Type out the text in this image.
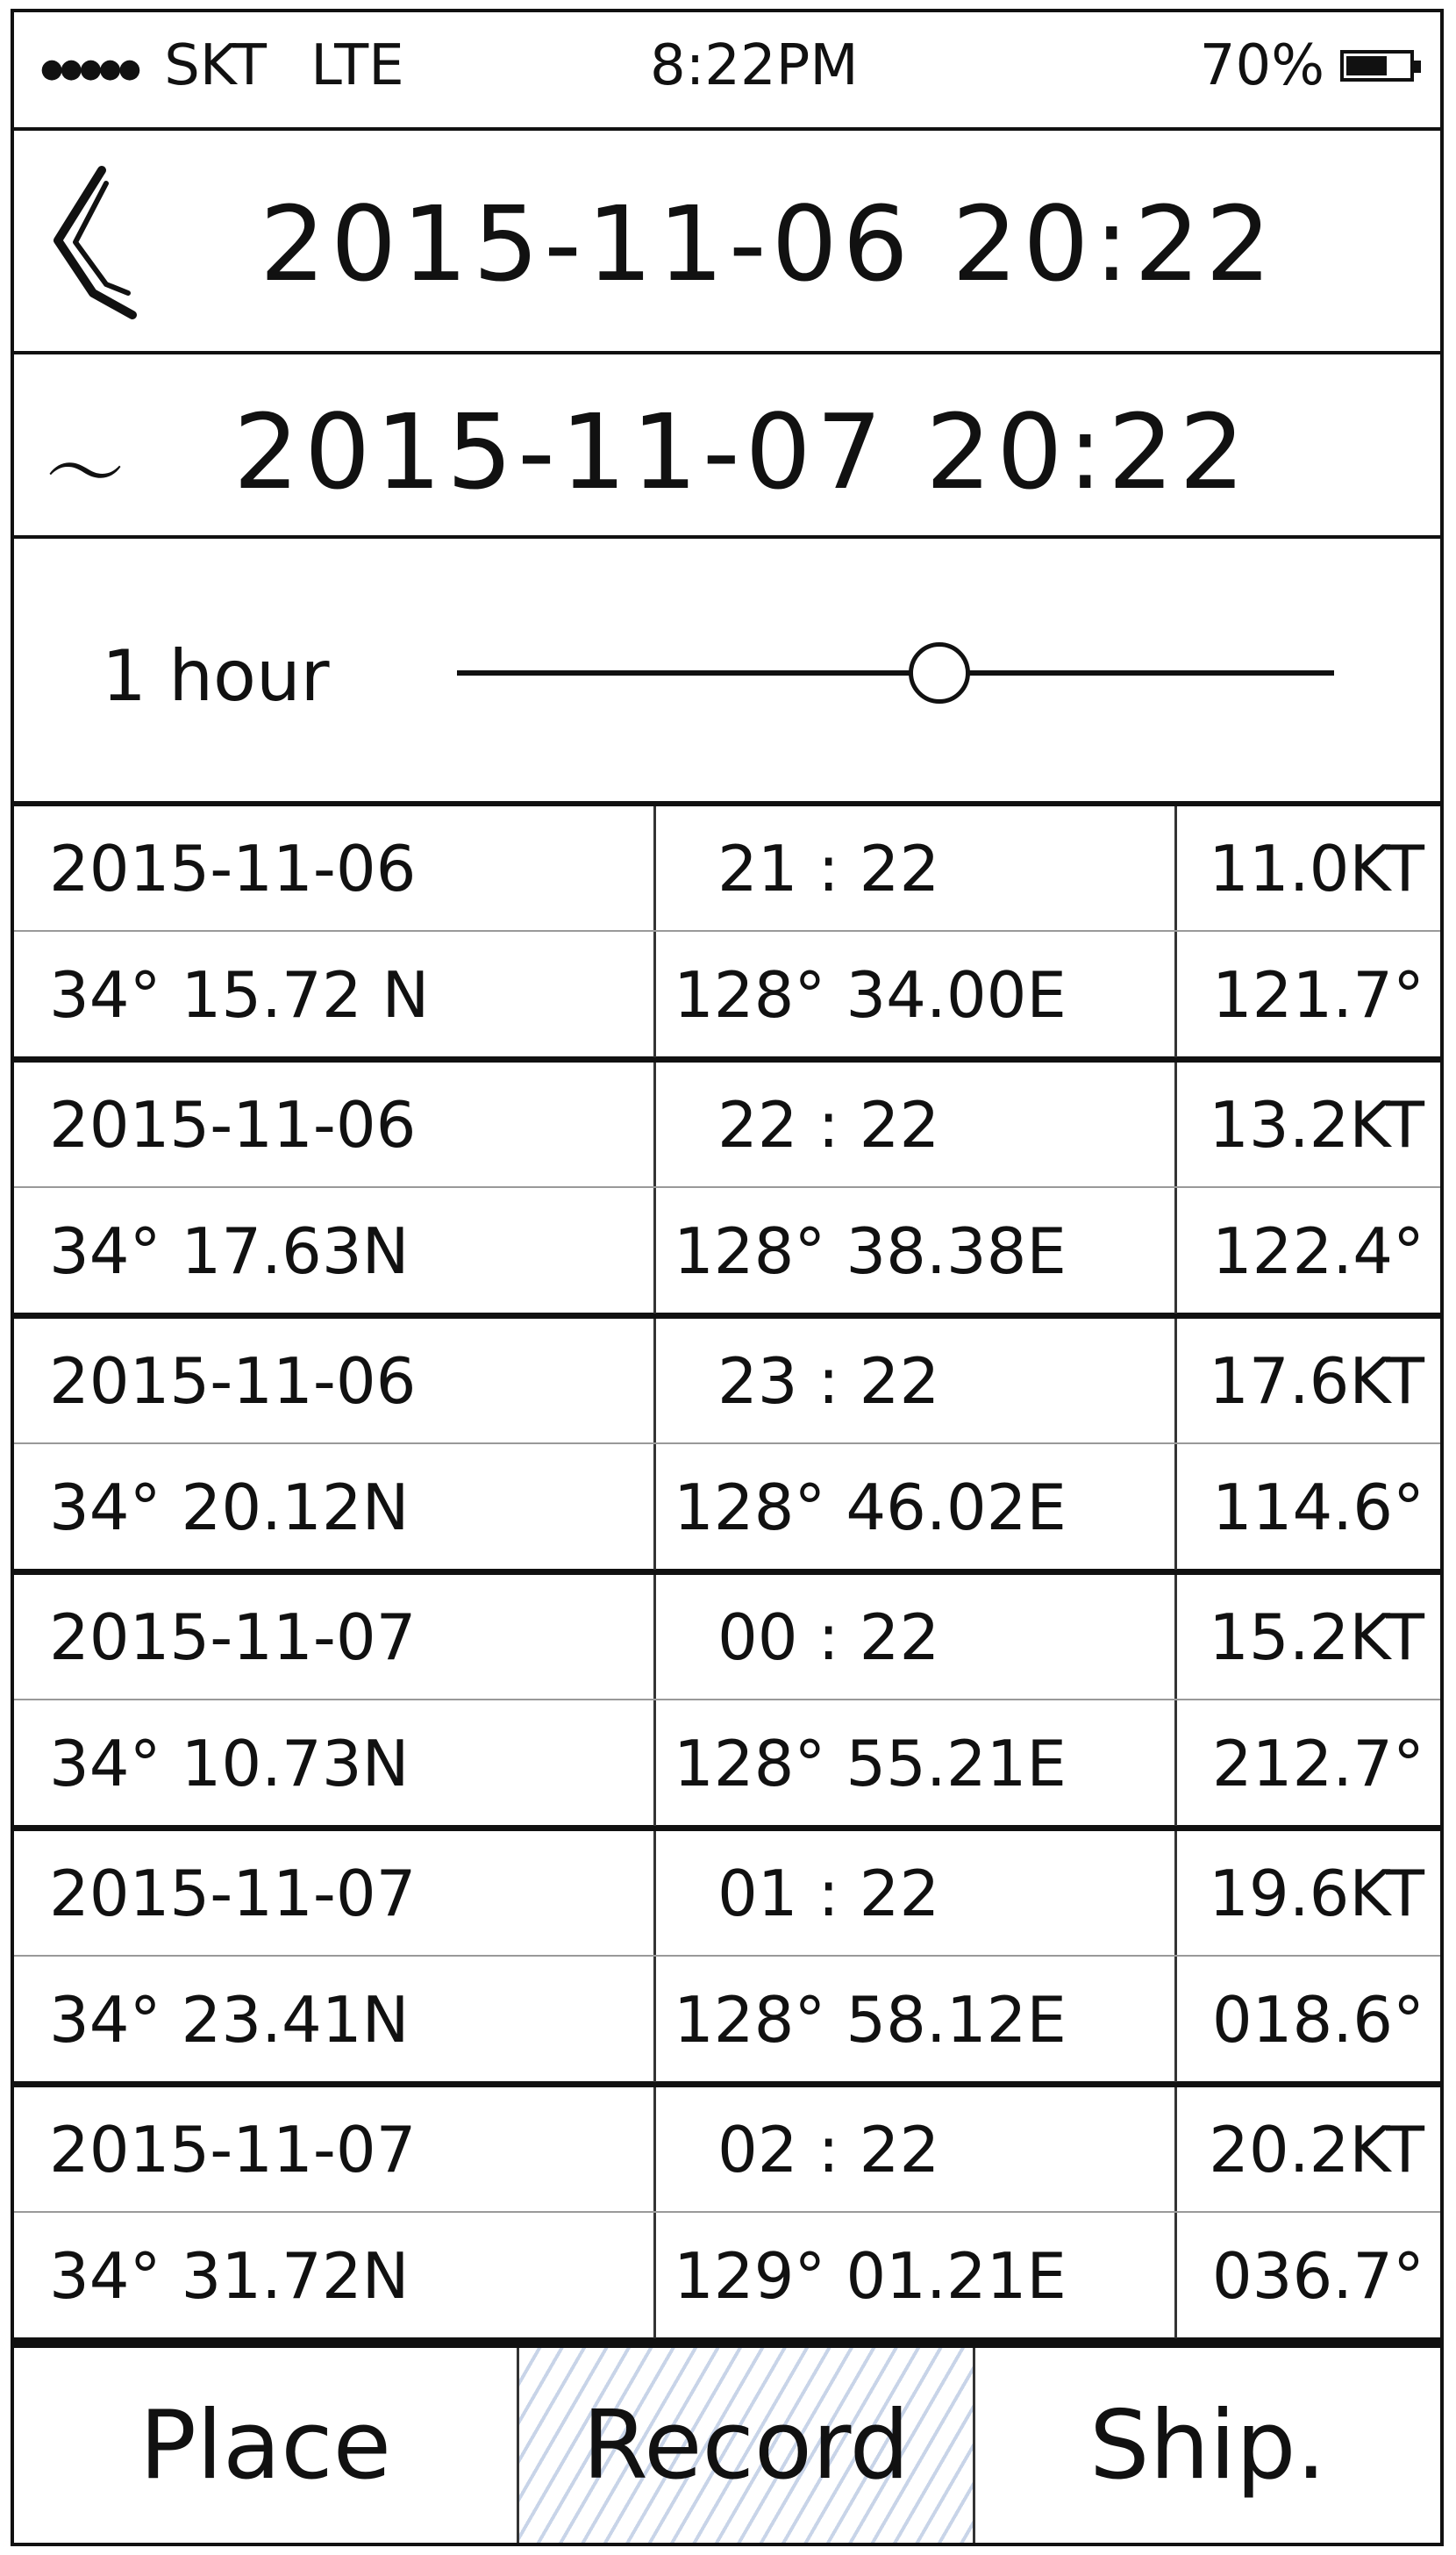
●●●●● SKT LTE	8:22PM	70%
2015-11-06 20:22
〜 2015-11-07 20:22
1 hour
2015-11-06	21 : 22	11.0KT
34° 15.72 N	128° 34.00E	121.7°
2015-11-06	22 : 22	13.2KT
34° 17.63N	128° 38.38E	122.4°
2015-11-06	23 : 22	17.6KT
34° 20.12N	128° 46.02E	114.6°
2015-11-07	00 : 22	15.2KT
34° 10.73N	128° 55.21E	212.7°
2015-11-07	01 : 22	19.6KT
34° 23.41N	128° 58.12E	018.6°
2015-11-07	02 : 22	20.2KT
34° 31.72N	129° 01.21E	036.7°
Place	Record	Ship.
